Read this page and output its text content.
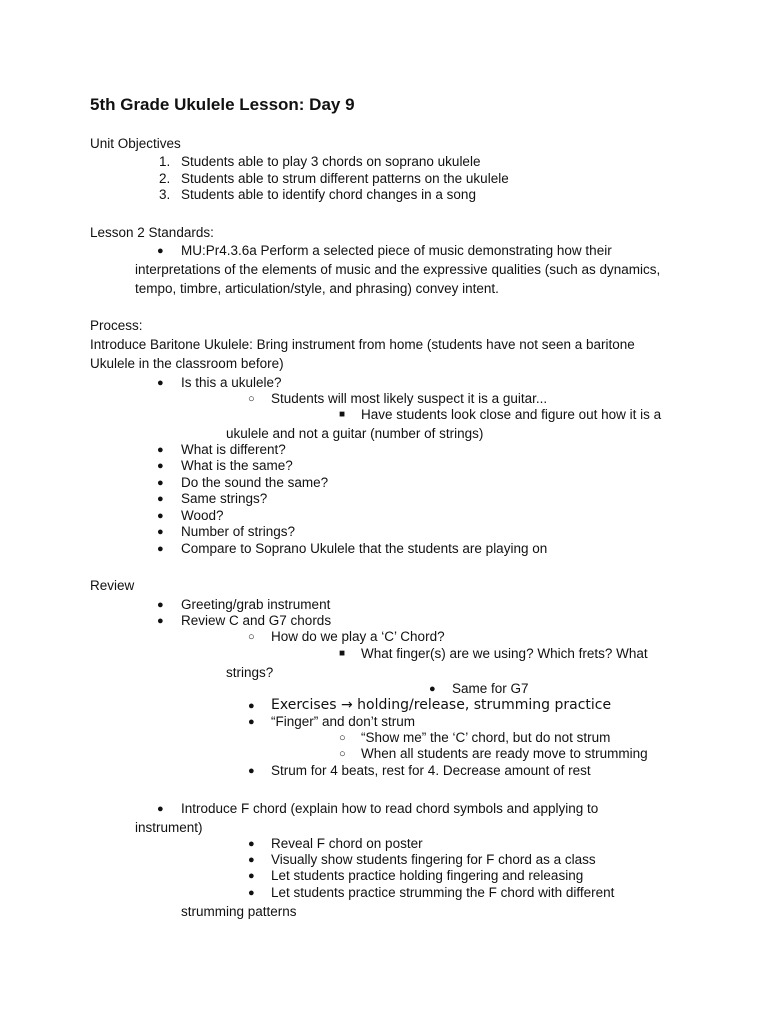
5th Grade Ukulele Lesson: Day 9
Unit Objectives
1. Students able to play 3 chords on soprano ukulele
2. Students able to strum different patterns on the ukulele
3. Students able to identify chord changes in a song
Lesson 2 Standards:
● MU:Pr4.3.6a Perform a selected piece of music demonstrating how their
interpretations of the elements of music and the expressive qualities (such as dynamics,
tempo, timbre, articulation/style, and phrasing) convey intent.
Process:
Introduce Baritone Ukulele: Bring instrument from home (students have not seen a baritone
Ukulele in the classroom before)
● Is this a ukulele?
○ Students will most likely suspect it is a guitar...
■ Have students look close and figure out how it is a
ukulele and not a guitar (number of strings)
● What is different?
● What is the same?
● Do the sound the same?
● Same strings?
● Wood?
● Number of strings?
● Compare to Soprano Ukulele that the students are playing on
Review
● Greeting/grab instrument
● Review C and G7 chords
○ How do we play a ‘C’ Chord?
■ What finger(s) are we using? Which frets? What
strings?
● Same for G7
● Exercises → holding/release, strumming practice
● “Finger” and don’t strum
○ “Show me” the ‘C’ chord, but do not strum
○ When all students are ready move to strumming
● Strum for 4 beats, rest for 4. Decrease amount of rest
● Introduce F chord (explain how to read chord symbols and applying to
instrument)
● Reveal F chord on poster
● Visually show students fingering for F chord as a class
● Let students practice holding fingering and releasing
● Let students practice strumming the F chord with different
strumming patterns
